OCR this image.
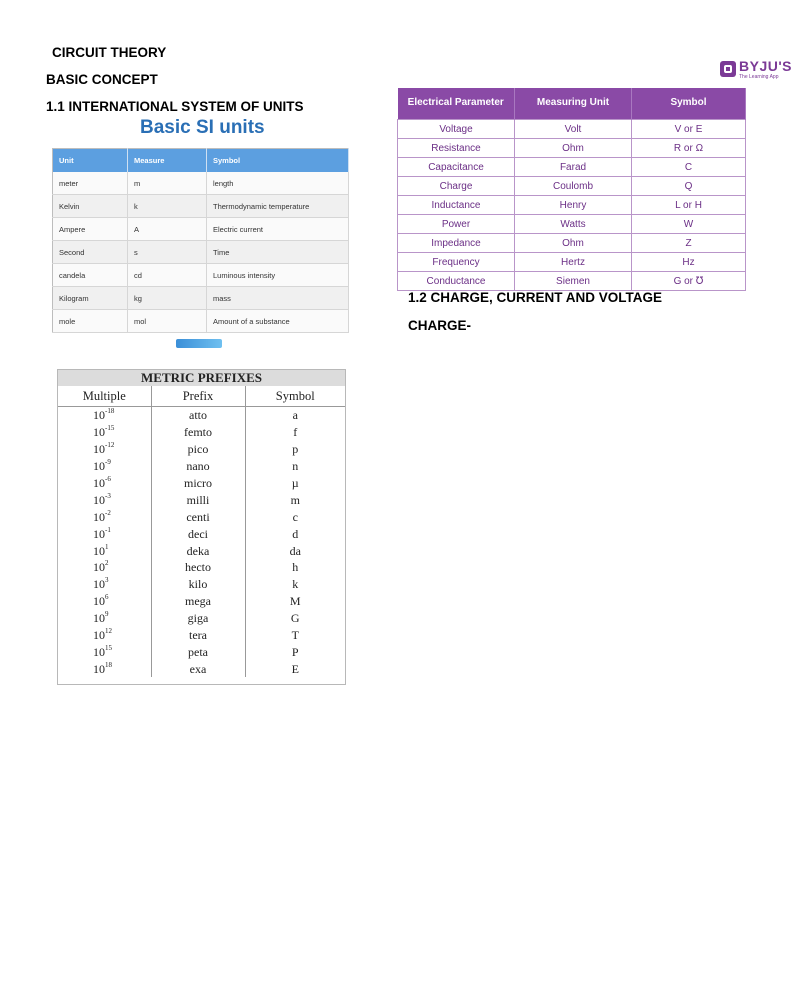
CIRCUIT THEORY
BASIC CONCEPT
1.1 INTERNATIONAL SYSTEM OF UNITS
1.2 CHARGE, CURRENT AND VOLTAGE
CHARGE-
BYJU'S
The Learning App
Basic SI units
Unit	Measure	Symbol
meter	m	length
Kelvin	k	Thermodynamic temperature
Ampere	A	Electric current
Second	s	Time
candela	cd	Luminous intensity
Kilogram	kg	mass
mole	mol	Amount of a substance
Electrical Parameter	Measuring Unit	Symbol
Voltage	Volt	V or E
Resistance	Ohm	R or Ω
Capacitance	Farad	C
Charge	Coulomb	Q
Inductance	Henry	L or H
Power	Watts	W
Impedance	Ohm	Z
Frequency	Hertz	Hz
Conductance	Siemen	G or ℧
METRIC PREFIXES
Multiple	Prefix	Symbol
$10^{-18}$	atto	a
$10^{-15}$	femto	f
$10^{-12}$	pico	p
$10^{-9}$	nano	n
$10^{-6}$	micro	µ
$10^{-3}$	milli	m
$10^{-2}$	centi	c
$10^{-1}$	deci	d
$10^1$	deka	da
$10^2$	hecto	h
$10^3$	kilo	k
$10^6$	mega	M
$10^9$	giga	G
$10^{12}$	tera	T
$10^{15}$	peta	P
$10^{18}$	exa	E
